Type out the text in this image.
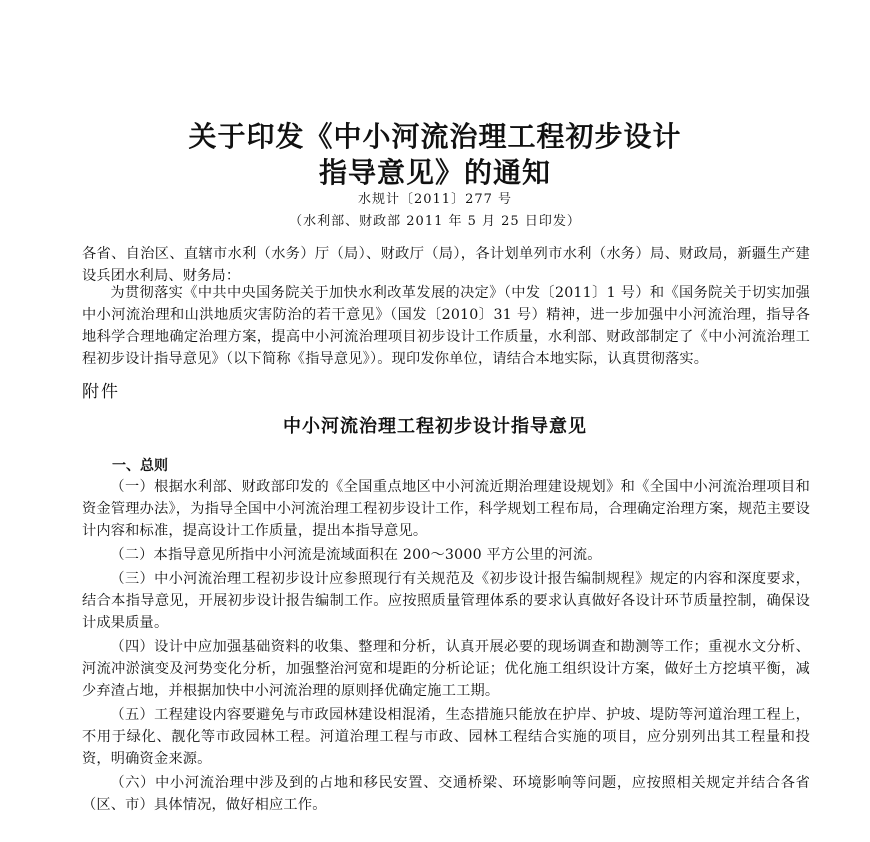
关于印发《中小河流治理工程初步设计
指导意见》的通知
水规计〔2011〕277 号
（水利部、财政部 2011 年 5 月 25 日印发）

各省、自治区、直辖市水利（水务）厅（局）、财政厅（局），各计划单列市水利（水务）局、财政局，新疆生产建设兵团水利局、财务局：

为贯彻落实《中共中央国务院关于加快水利改革发展的决定》（中发〔2011〕1 号）和《国务院关于切实加强中小河流治理和山洪地质灾害防治的若干意见》（国发〔2010〕31 号）精神，进一步加强中小河流治理，指导各地科学合理地确定治理方案，提高中小河流治理项目初步设计工作质量，水利部、财政部制定了《中小河流治理工程初步设计指导意见》（以下简称《指导意见》）。现印发你单位，请结合本地实际，认真贯彻落实。

附件
中小河流治理工程初步设计指导意见
一、总则

（一）根据水利部、财政部印发的《全国重点地区中小河流近期治理建设规划》和《全国中小河流治理项目和资金管理办法》，为指导全国中小河流治理工程初步设计工作，科学规划工程布局，合理确定治理方案，规范主要设计内容和标准，提高设计工作质量，提出本指导意见。

（二）本指导意见所指中小河流是流域面积在 200～3000 平方公里的河流。

（三）中小河流治理工程初步设计应参照现行有关规范及《初步设计报告编制规程》规定的内容和深度要求，结合本指导意见，开展初步设计报告编制工作。应按照质量管理体系的要求认真做好各设计环节质量控制，确保设计成果质量。

（四）设计中应加强基础资料的收集、整理和分析，认真开展必要的现场调查和勘测等工作；重视水文分析、河流冲淤演变及河势变化分析，加强整治河宽和堤距的分析论证；优化施工组织设计方案，做好土方挖填平衡，减少弃渣占地，并根据加快中小河流治理的原则择优确定施工工期。

（五）工程建设内容要避免与市政园林建设相混淆，生态措施只能放在护岸、护坡、堤防等河道治理工程上，不用于绿化、靓化等市政园林工程。河道治理工程与市政、园林工程结合实施的项目，应分别列出其工程量和投资，明确资金来源。

（六）中小河流治理中涉及到的占地和移民安置、交通桥梁、环境影响等问题，应按照相关规定并结合各省（区、市）具体情况，做好相应工作。
